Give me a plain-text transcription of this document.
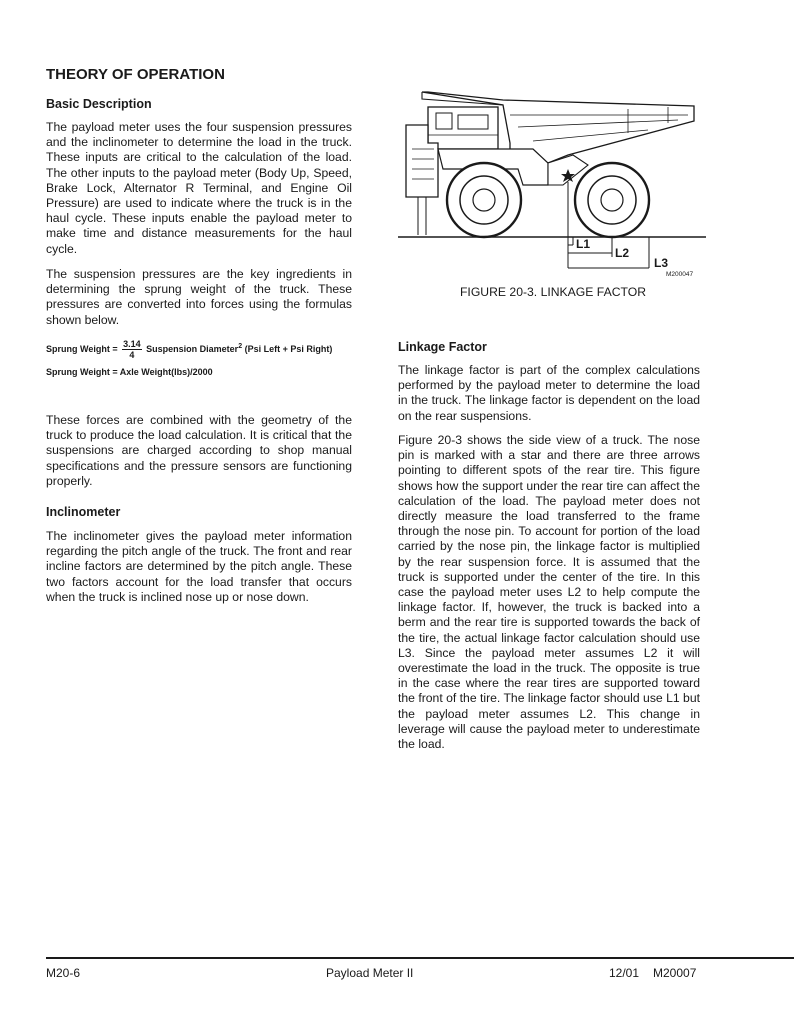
THEORY OF OPERATION
Basic Description

The payload meter uses the four suspension pressures and the inclinometer to determine the load in the truck. These inputs are critical to the calculation of the load. The other inputs to the payload meter (Body Up, Speed, Brake Lock, Alternator R Terminal, and Engine Oil Pressure) are used to indicate where the truck is in the haul cycle. These inputs enable the payload meter to make time and distance measurements for the haul cycle.

The suspension pressures are the key ingredients in determining the sprung weight of the truck. These pressures are converted into forces using the formulas shown below.

Sprung Weight = $\frac{3.14}{4}$ Suspension Diameter$^2$ (Psi Left + Psi Right)
Sprung Weight = Axle Weight(lbs)/2000

These forces are combined with the geometry of the truck to produce the load calculation. It is critical that the suspensions are charged according to shop manual specifications and the pressure sensors are functioning properly.

Inclinometer

The inclinometer gives the payload meter information regarding the pitch angle of the truck. The front and rear incline factors are determined by the pitch angle. These two factors account for the load transfer that occurs when the truck is inclined nose up or nose down.

L1
L2
L3
M200047
FIGURE 20-3. LINKAGE FACTOR
Linkage Factor

The linkage factor is part of the complex calculations performed by the payload meter to determine the load in the truck. The linkage factor is dependent on the load on the rear suspensions.

Figure 20-3 shows the side view of a truck. The nose pin is marked with a star and there are three arrows pointing to different spots of the rear tire. This figure shows how the support under the rear tire can affect the calculation of the load. The payload meter does not directly measure the load transferred to the frame through the nose pin. To account for portion of the load carried by the nose pin, the linkage factor is multiplied by the rear suspension force. It is assumed that the truck is supported under the center of the tire. In this case the payload meter uses L2 to help compute the linkage factor. If, however, the truck is backed into a berm and the rear tire is supported towards the back of the tire, the actual linkage factor calculation should use L3. Since the payload meter assumes L2 it will overestimate the load in the truck. The opposite is true in the case where the rear tires are supported toward the front of the tire. The linkage factor should use L1 but the payload meter assumes L2. This change in leverage will cause the payload meter to underestimate the load.

M20-6	Payload Meter II	12/01 M20007
